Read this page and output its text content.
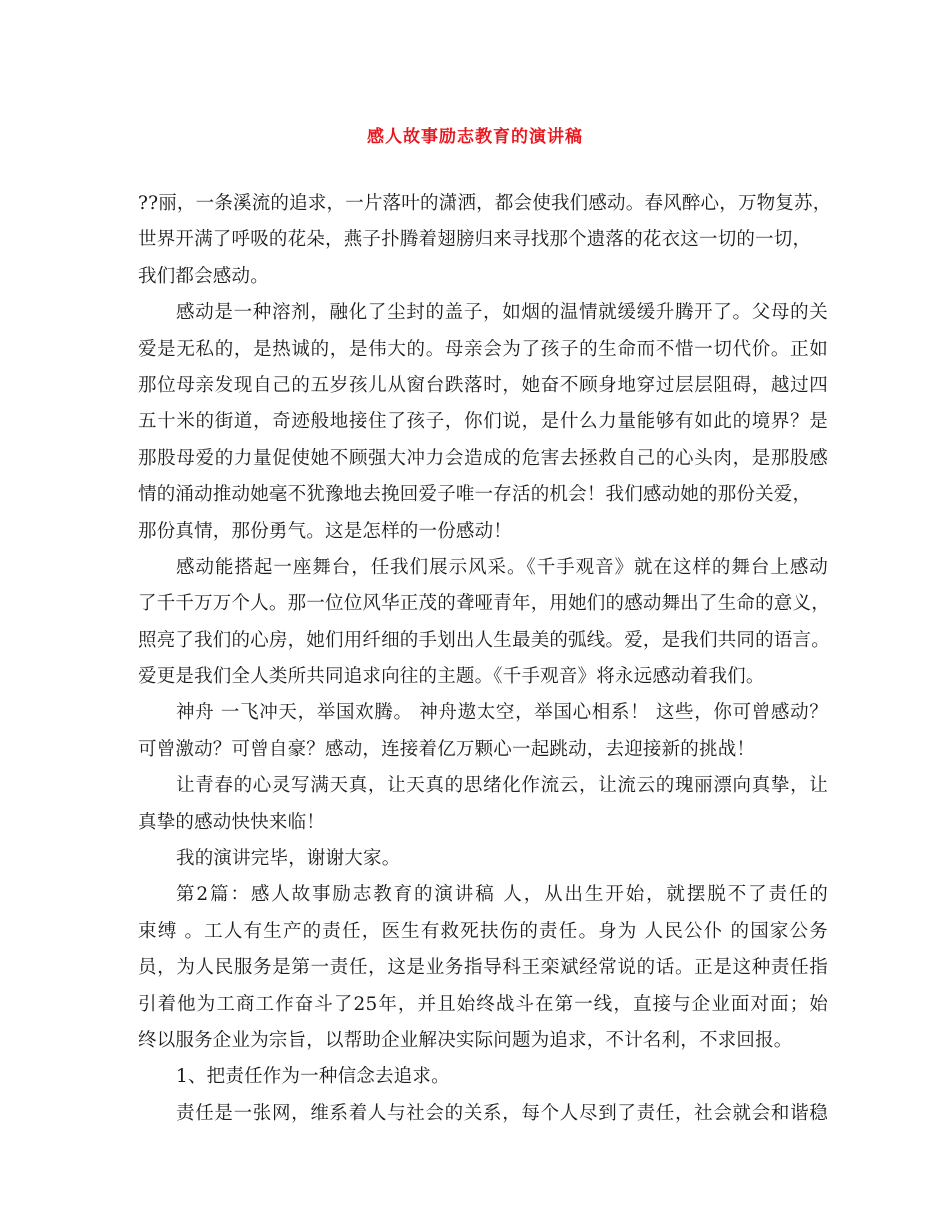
感人故事励志教育的演讲稿
??丽，一条溪流的追求，一片落叶的潇洒，都会使我们感动。春风醉心，万物复苏，
世界开满了呼吸的花朵，燕子扑腾着翅膀归来寻找那个遗落的花衣这一切的一切，
我们都会感动。
感动是一种溶剂，融化了尘封的盖子，如烟的温情就缓缓升腾开了。父母的关
爱是无私的，是热诚的，是伟大的。母亲会为了孩子的生命而不惜一切代价。正如
那位母亲发现自己的五岁孩儿从窗台跌落时，她奋不顾身地穿过层层阻碍，越过四
五十米的街道，奇迹般地接住了孩子，你们说，是什么力量能够有如此的境界？是
那股母爱的力量促使她不顾强大冲力会造成的危害去拯救自己的心头肉，是那股感
情的涌动推动她毫不犹豫地去挽回爱子唯一存活的机会！我们感动她的那份关爱，
那份真情，那份勇气。这是怎样的一份感动！
感动能搭起一座舞台，任我们展示风采。《千手观音》就在这样的舞台上感动
了千千万万个人。那一位位风华正茂的聋哑青年，用她们的感动舞出了生命的意义，
照亮了我们的心房，她们用纤细的手划出人生最美的弧线。爱，是我们共同的语言。
爱更是我们全人类所共同追求向往的主题。《千手观音》将永远感动着我们。
神舟 一飞冲天，举国欢腾。 神舟遨太空，举国心相系！ 这些，你可曾感动？
可曾激动？可曾自豪？感动，连接着亿万颗心一起跳动，去迎接新的挑战！
让青春的心灵写满天真，让天真的思绪化作流云，让流云的瑰丽漂向真挚，让
真挚的感动快快来临！
我的演讲完毕，谢谢大家。
第2篇：感人故事励志教育的演讲稿 人，从出生开始，就摆脱不了责任的
束缚 。工人有生产的责任，医生有救死扶伤的责任。身为 人民公仆 的国家公务
员，为人民服务是第一责任，这是业务指导科王栾斌经常说的话。正是这种责任指
引着他为工商工作奋斗了25年，并且始终战斗在第一线，直接与企业面对面；始
终以服务企业为宗旨，以帮助企业解决实际问题为追求，不计名利，不求回报。
1、把责任作为一种信念去追求。
责任是一张网，维系着人与社会的关系，每个人尽到了责任，社会就会和谐稳
